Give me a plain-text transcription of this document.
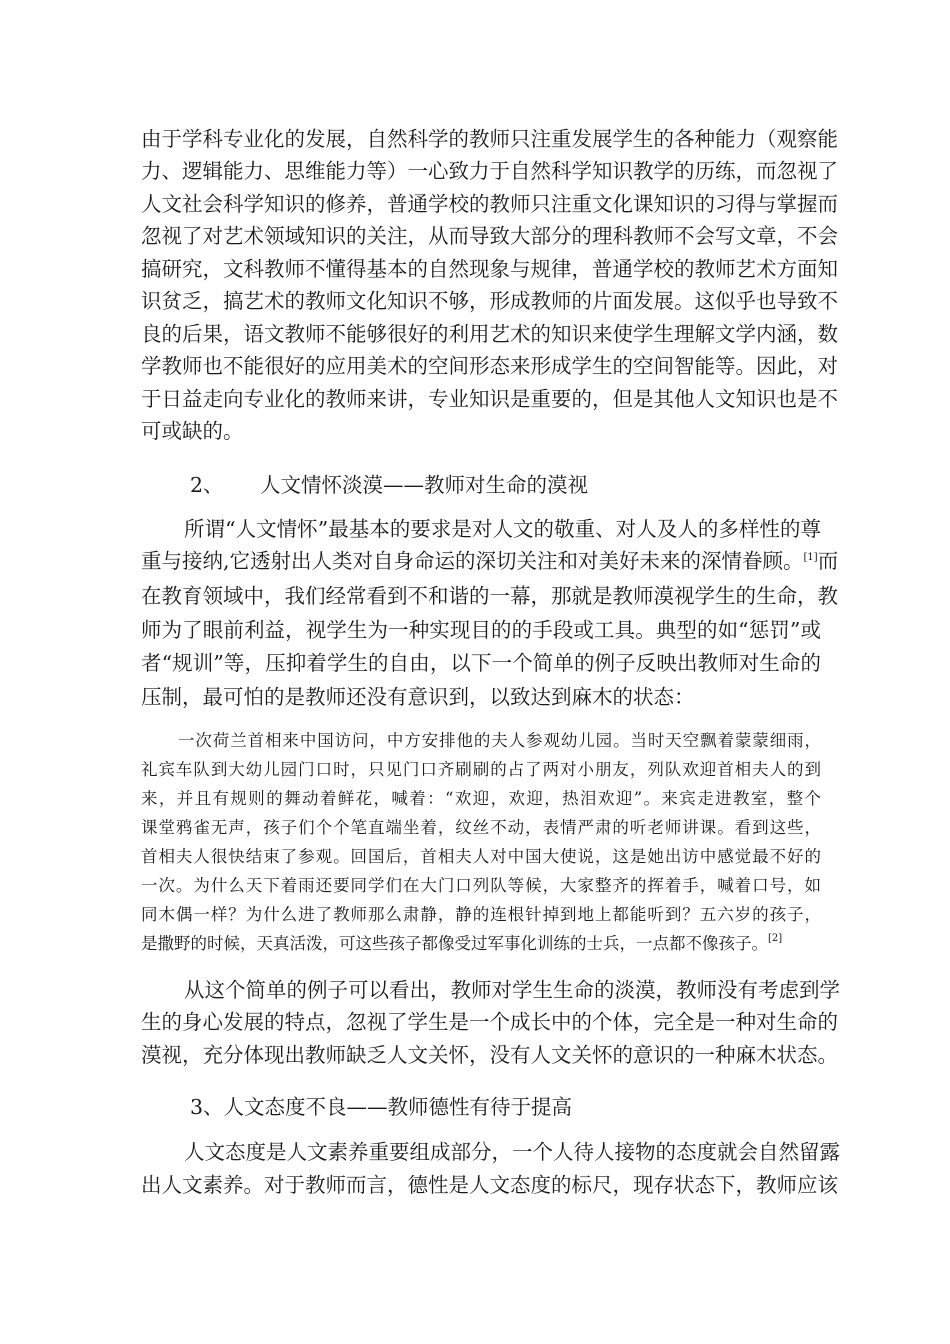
由于学科专业化的发展，自然科学的教师只注重发展学生的各种能力（观察能
力、逻辑能力、思维能力等）一心致力于自然科学知识教学的历练，而忽视了
人文社会科学知识的修养，普通学校的教师只注重文化课知识的习得与掌握而
忽视了对艺术领域知识的关注，从而导致大部分的理科教师不会写文章，不会
搞研究，文科教师不懂得基本的自然现象与规律，普通学校的教师艺术方面知
识贫乏，搞艺术的教师文化知识不够，形成教师的片面发展。这似乎也导致不
良的后果，语文教师不能够很好的利用艺术的知识来使学生理解文学内涵，数
学教师也不能很好的应用美术的空间形态来形成学生的空间智能等。因此，对
于日益走向专业化的教师来讲，专业知识是重要的，但是其他人文知识也是不
可或缺的。
2、 人文情怀淡漠——教师对生命的漠视
所谓“人文情怀”最基本的要求是对人文的敬重、对人及人的多样性的尊
重与接纳,它透射出人类对自身命运的深切关注和对美好未来的深情眷顾。[1]而
在教育领域中，我们经常看到不和谐的一幕，那就是教师漠视学生的生命，教
师为了眼前利益，视学生为一种实现目的的手段或工具。典型的如“惩罚”或
者“规训”等，压抑着学生的自由，以下一个简单的例子反映出教师对生命的
压制，最可怕的是教师还没有意识到，以致达到麻木的状态：
一次荷兰首相来中国访问，中方安排他的夫人参观幼儿园。当时天空飘着蒙蒙细雨，
礼宾车队到大幼儿园门口时，只见门口齐刷刷的占了两对小朋友，列队欢迎首相夫人的到
来，并且有规则的舞动着鲜花，喊着：“欢迎，欢迎，热泪欢迎”。来宾走进教室，整个
课堂鸦雀无声，孩子们个个笔直端坐着，纹丝不动，表情严肃的听老师讲课。看到这些，
首相夫人很快结束了参观。回国后，首相夫人对中国大使说，这是她出访中感觉最不好的
一次。为什么天下着雨还要同学们在大门口列队等候，大家整齐的挥着手，喊着口号，如
同木偶一样？为什么进了教师那么肃静，静的连根针掉到地上都能听到？五六岁的孩子，
是撒野的时候，天真活泼，可这些孩子都像受过军事化训练的士兵，一点都不像孩子。[2]
从这个简单的例子可以看出，教师对学生生命的淡漠，教师没有考虑到学
生的身心发展的特点，忽视了学生是一个成长中的个体，完全是一种对生命的
漠视，充分体现出教师缺乏人文关怀，没有人文关怀的意识的一种麻木状态。
3、人文态度不良——教师德性有待于提高
人文态度是人文素养重要组成部分，一个人待人接物的态度就会自然留露
出人文素养。对于教师而言，德性是人文态度的标尺，现存状态下，教师应该
